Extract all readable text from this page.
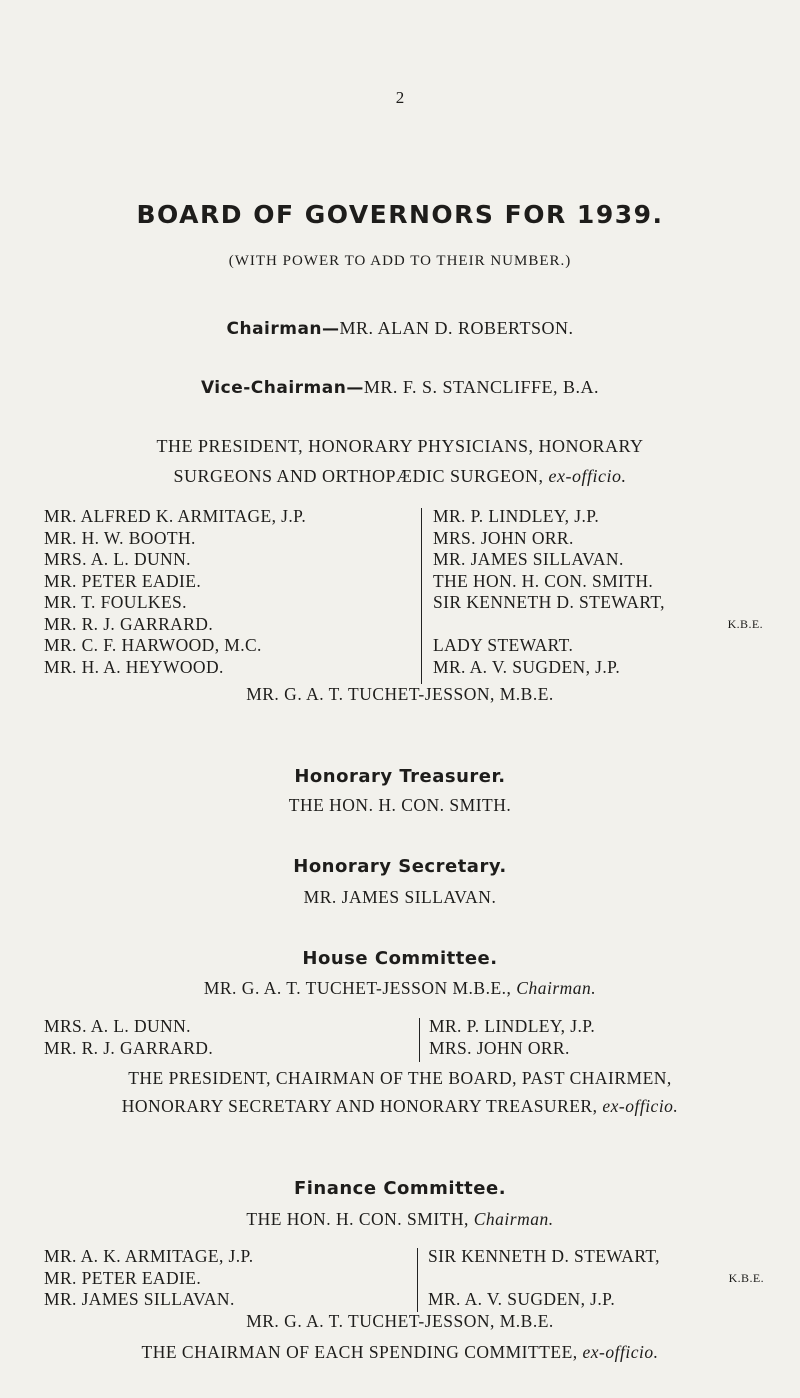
2
BOARD OF GOVERNORS FOR 1939.
(WITH POWER TO ADD TO THEIR NUMBER.)
Chairman—MR. ALAN D. ROBERTSON.
Vice-Chairman—MR. F. S. STANCLIFFE, B.A.
THE PRESIDENT, HONORARY PHYSICIANS, HONORARY
SURGEONS AND ORTHOPÆDIC SURGEON, ex-officio.
MR. ALFRED K. ARMITAGE, J.P.
MR. H. W. BOOTH.
MRS. A. L. DUNN.
MR. PETER EADIE.
MR. T. FOULKES.
MR. R. J. GARRARD.
MR. C. F. HARWOOD, M.C.
MR. H. A. HEYWOOD.
MR. P. LINDLEY, J.P.
MRS. JOHN ORR.
MR. JAMES SILLAVAN.
THE HON. H. CON. SMITH.
SIR KENNETH D. STEWART,
K.B.E.
LADY STEWART.
MR. A. V. SUGDEN, J.P.
MR. G. A. T. TUCHET-JESSON, M.B.E.
Honorary Treasurer.
THE HON. H. CON. SMITH.
Honorary Secretary.
MR. JAMES SILLAVAN.
House Committee.
MR. G. A. T. TUCHET-JESSON M.B.E., Chairman.
MRS. A. L. DUNN.
MR. R. J. GARRARD.
MR. P. LINDLEY, J.P.
MRS. JOHN ORR.
THE PRESIDENT, CHAIRMAN OF THE BOARD, PAST CHAIRMEN,
HONORARY SECRETARY AND HONORARY TREASURER, ex-officio.
Finance Committee.
THE HON. H. CON. SMITH, Chairman.
MR. A. K. ARMITAGE, J.P.
MR. PETER EADIE.
MR. JAMES SILLAVAN.
SIR KENNETH D. STEWART,
K.B.E.
MR. A. V. SUGDEN, J.P.
MR. G. A. T. TUCHET-JESSON, M.B.E.
THE CHAIRMAN OF EACH SPENDING COMMITTEE, ex-officio.
